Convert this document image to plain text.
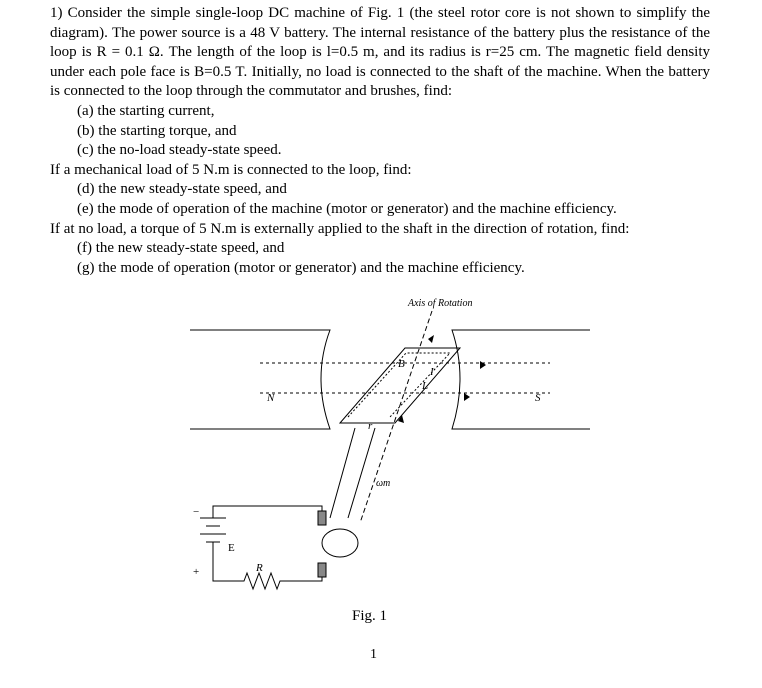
1) Consider the simple single-loop DC machine of Fig. 1 (the steel rotor core is not shown to simplify the diagram). The power source is a 48 V battery. The internal resistance of the battery plus the resistance of the loop is R = 0.1 Ω. The length of the loop is l=0.5 m, and its radius is r=25 cm. The magnetic field density under each pole face is B=0.5 T. Initially, no load is connected to the shaft of the machine. When the battery is connected to the loop through the commutator and brushes, find:

(a) the starting current,

(b) the starting torque, and

(c) the no-load steady-state speed.

If a mechanical load of 5 N.m is connected to the loop, find:

(d) the new steady-state speed, and

(e) the mode of operation of the machine (motor or generator) and the machine efficiency.

If at no load, a torque of 5 N.m is externally applied to the shaft in the direction of rotation, find:

(f) the new steady-state speed, and

(g) the mode of operation (motor or generator) and the machine efficiency.

Axis of Rotation
N	S
B
I
L
r
ωm
E
R
+
−
Fig. 1
1
